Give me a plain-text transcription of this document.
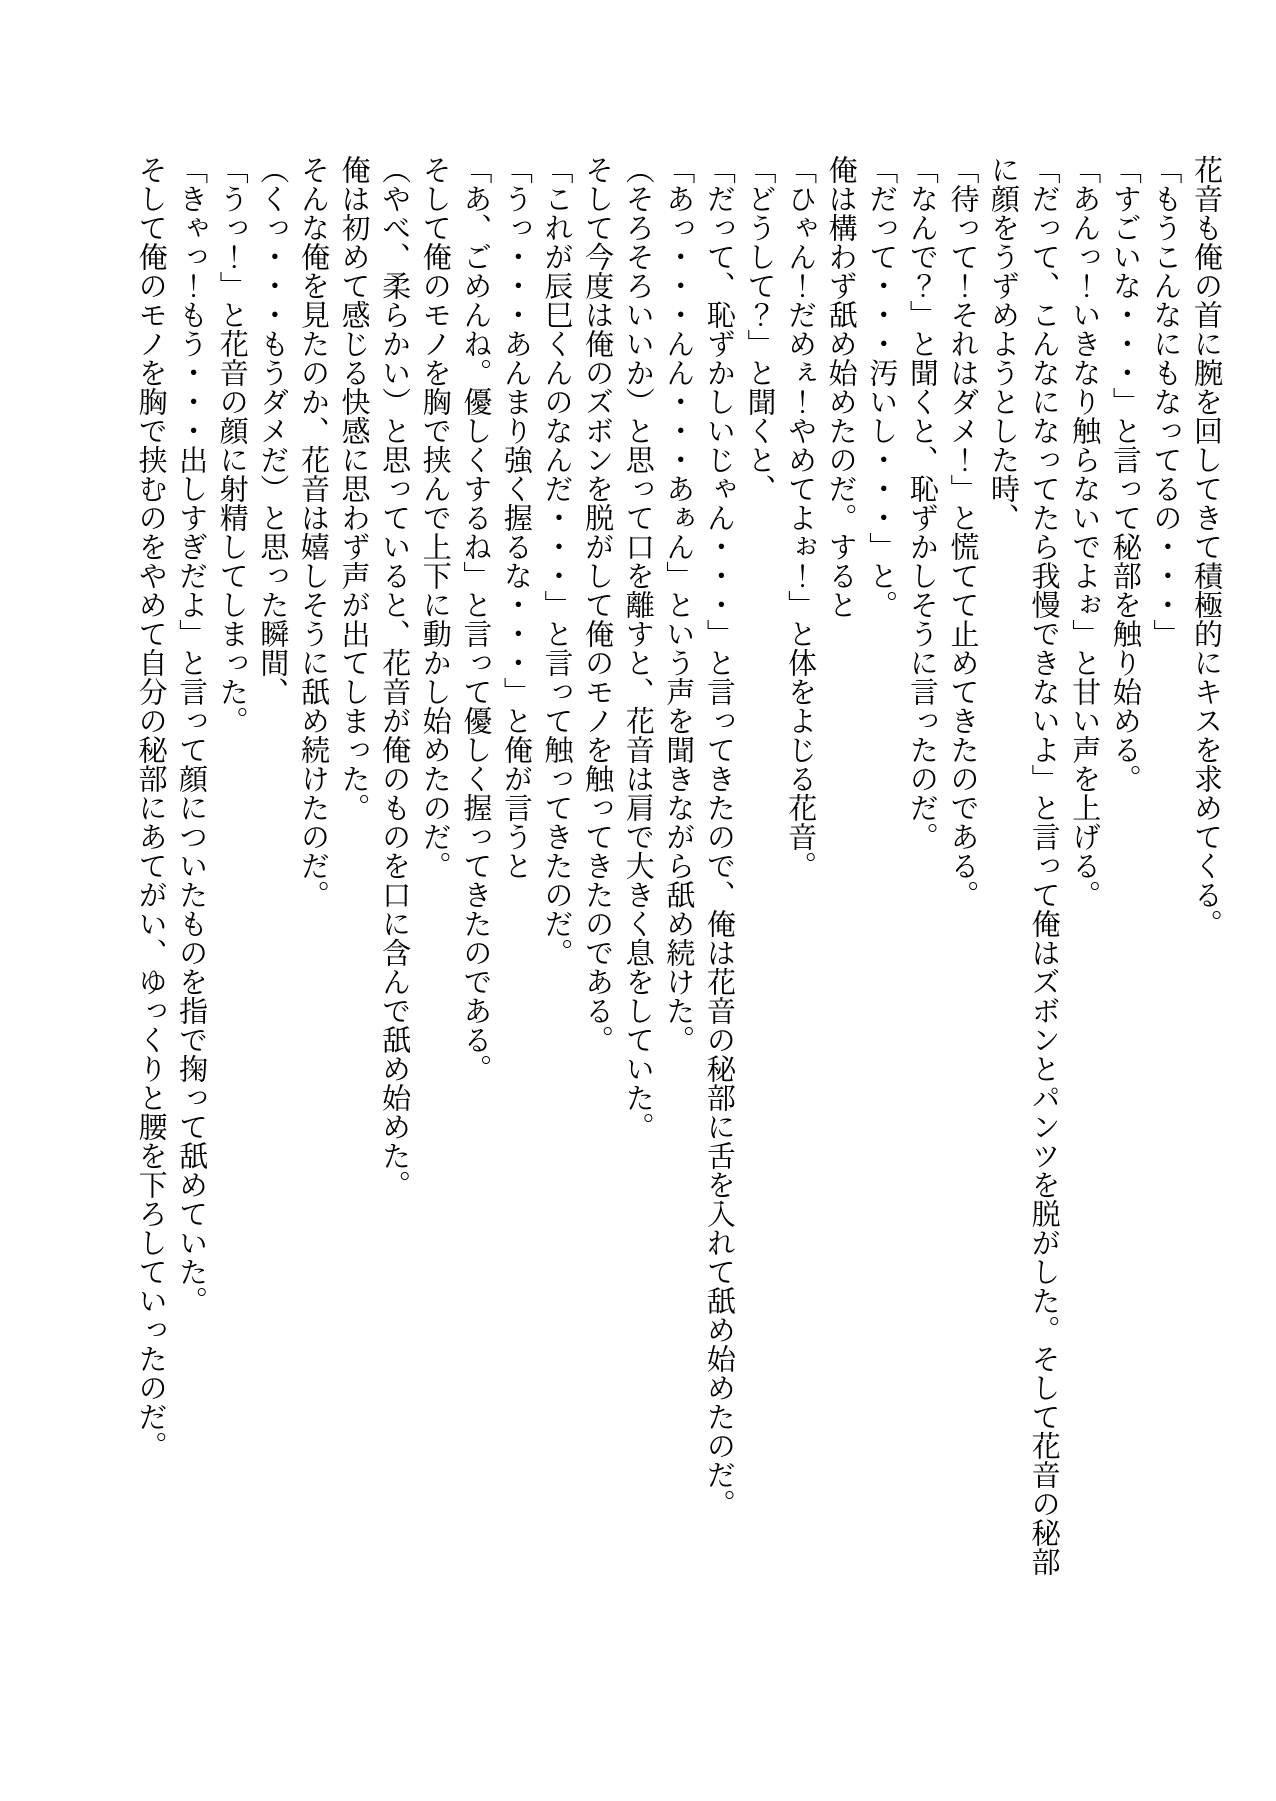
花音も俺の首に腕を回してきて積極的にキスを求めてくる。

「もうこんなにもなってるの・・・」

「すごいな・・・」と言って秘部を触り始める。

「あんっ！いきなり触らないでよぉ」と甘い声を上げる。

「だって、こんなになってたら我慢できないよ」と言って俺はズボンとパンツを脱がした。そして花音の秘部に顔をうずめようとした時、

「待って！それはダメ！」と慌てて止めてきたのである。

「なんで？」と聞くと、恥ずかしそうに言ったのだ。

「だって・・・汚いし・・・」と。

俺は構わず舐め始めたのだ。すると

「ひゃん！だめぇ！やめてよぉ！」と体をよじる花音。

「どうして？」と聞くと、

「だって、恥ずかしいじゃん・・・」と言ってきたので、俺は花音の秘部に舌を入れて舐め始めたのだ。

「あっ・・・んん・・・あぁん」という声を聞きながら舐め続けた。

（そろそろいいか）と思って口を離すと、花音は肩で大きく息をしていた。

そして今度は俺のズボンを脱がして俺のモノを触ってきたのである。

「これが辰巳くんのなんだ・・・」と言って触ってきたのだ。

「うっ・・・あんまり強く握るな・・・」と俺が言うと

「あ、ごめんね。優しくするね」と言って優しく握ってきたのである。

そして俺のモノを胸で挟んで上下に動かし始めたのだ。

（やべ、柔らかい）と思っていると、花音が俺のものを口に含んで舐め始めた。

俺は初めて感じる快感に思わず声が出てしまった。

そんな俺を見たのか、花音は嬉しそうに舐め続けたのだ。

（くっ・・・もうダメだ）と思った瞬間、

「うっ！」と花音の顔に射精してしまった。

「きゃっ！もう・・・出しすぎだよ」と言って顔についたものを指で掬って舐めていた。

そして俺のモノを胸で挟むのをやめて自分の秘部にあてがい、ゆっくりと腰を下ろしていったのだ。
